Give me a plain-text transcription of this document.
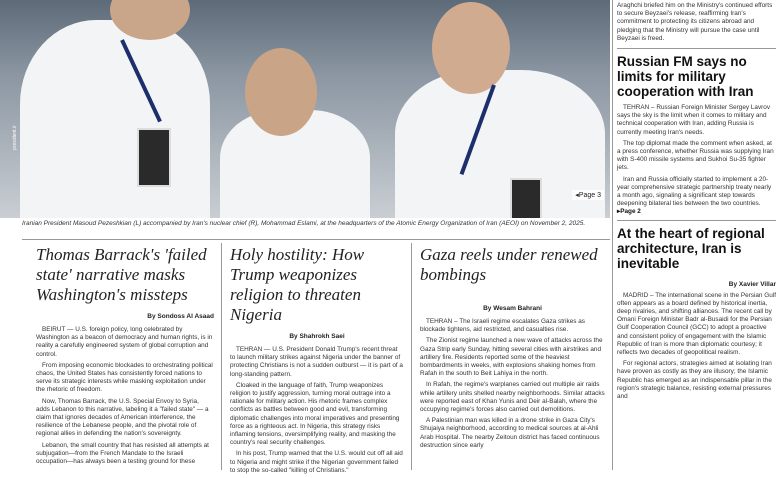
president.ir
◂Page 3
Iranian President Masoud Pezeshkian (L) accompanied by Iran's nuclear chief (R), Mohammad Eslami, at the headquarters of the Atomic Energy Organization of Iran (AEOI) on November 2, 2025.
Thomas Barrack's 'failed state' narrative masks Washington's missteps
By Sondoss Al Asaad

BEIRUT — U.S. foreign policy, long celebrated by Washington as a beacon of democracy and human rights, is in reality a carefully engineered system of global corruption and control.

From imposing economic blockades to orchestrating political chaos, the United States has consistently forced nations to serve its strategic interests while masking exploitation under the rhetoric of freedom.

Now, Thomas Barrack, the U.S. Special Envoy to Syria, adds Lebanon to this narrative, labeling it a "failed state" — a claim that ignores decades of American interference, the resilience of the Lebanese people, and the pivotal role of regional allies in defending the nation's sovereignty.

Lebanon, the small country that has resisted all attempts at subjugation—from the French Mandate to the Israeli occupation—has always been a testing ground for these

Holy hostility: How Trump weaponizes religion to threaten Nigeria
By Shahrokh Saei

TEHRAN — U.S. President Donald Trump's recent threat to launch military strikes against Nigeria under the banner of protecting Christians is not a sudden outburst — it is part of a long-standing pattern.

Cloaked in the language of faith, Trump weaponizes religion to justify aggression, turning moral outrage into a rationale for military action. His rhetoric frames complex conflicts as battles between good and evil, transforming diplomatic challenges into moral imperatives and presenting force as a righteous act. In Nigeria, this strategy risks inflaming tensions, oversimplifying reality, and masking the country's real security challenges.

In his post, Trump warned that the U.S. would cut off all aid to Nigeria and might strike if the Nigerian government failed to stop the so-called "killing of Christians."

Gaza reels under renewed bombings
By Wesam Bahrani

TEHRAN – The Israeli regime escalates Gaza strikes as blockade tightens, aid restricted, and casualties rise.

The Zionist regime launched a new wave of attacks across the Gaza Strip early Sunday, hitting several cities with airstrikes and artillery fire. Residents reported some of the heaviest bombardments in weeks, with explosions shaking homes from Rafah in the south to Beit Lahiya in the north.

In Rafah, the regime's warplanes carried out multiple air raids while artillery units shelled nearby neighborhoods. Similar attacks were reported east of Khan Yunis and Deir al-Balah, where the occupying regime's forces also carried out demolitions.

A Palestinian man was killed in a drone strike in Gaza City's Shujaiya neighborhood, according to medical sources at al-Ahli Arab Hospital. The nearby Zeitoun district has faced continuous destruction since early

Araghchi briefed him on the Ministry's continued efforts to secure Beyzaei's release, reaffirming Iran's commitment to protecting its citizens abroad and pledging that the Ministry will pursue the case until Beyzaei is freed.

Russian FM says no limits for military cooperation with Iran

TEHRAN – Russian Foreign Minister Sergey Lavrov says the sky is the limit when it comes to military and technical cooperation with Iran, adding Russia is currently meeting Iran's needs.

The top diplomat made the comment when asked, at a press conference, whether Russia was supplying Iran with S-400 missile systems and Sukhoi Su-35 fighter jets.

Iran and Russia officially started to implement a 20-year comprehensive strategic partnership treaty nearly a month ago, signaling a significant step towards deepening bilateral ties between the two countries. ▸Page 2

At the heart of regional architecture, Iran is inevitable
By Xavier Villar

MADRID – The international scene in the Persian Gulf often appears as a board defined by historical inertia, deep rivalries, and shifting alliances. The recent call by Omani Foreign Minister Badr al-Busaidi for the Persian Gulf Cooperation Council (GCC) to adopt a proactive and consistent policy of engagement with the Islamic Republic of Iran is more than diplomatic courtesy; it reflects two decades of geopolitical realism.

For regional actors, strategies aimed at isolating Iran have proven as costly as they are illusory; the Islamic Republic has emerged as an indispensable pillar in the region's strategic balance, resisting external pressures and
